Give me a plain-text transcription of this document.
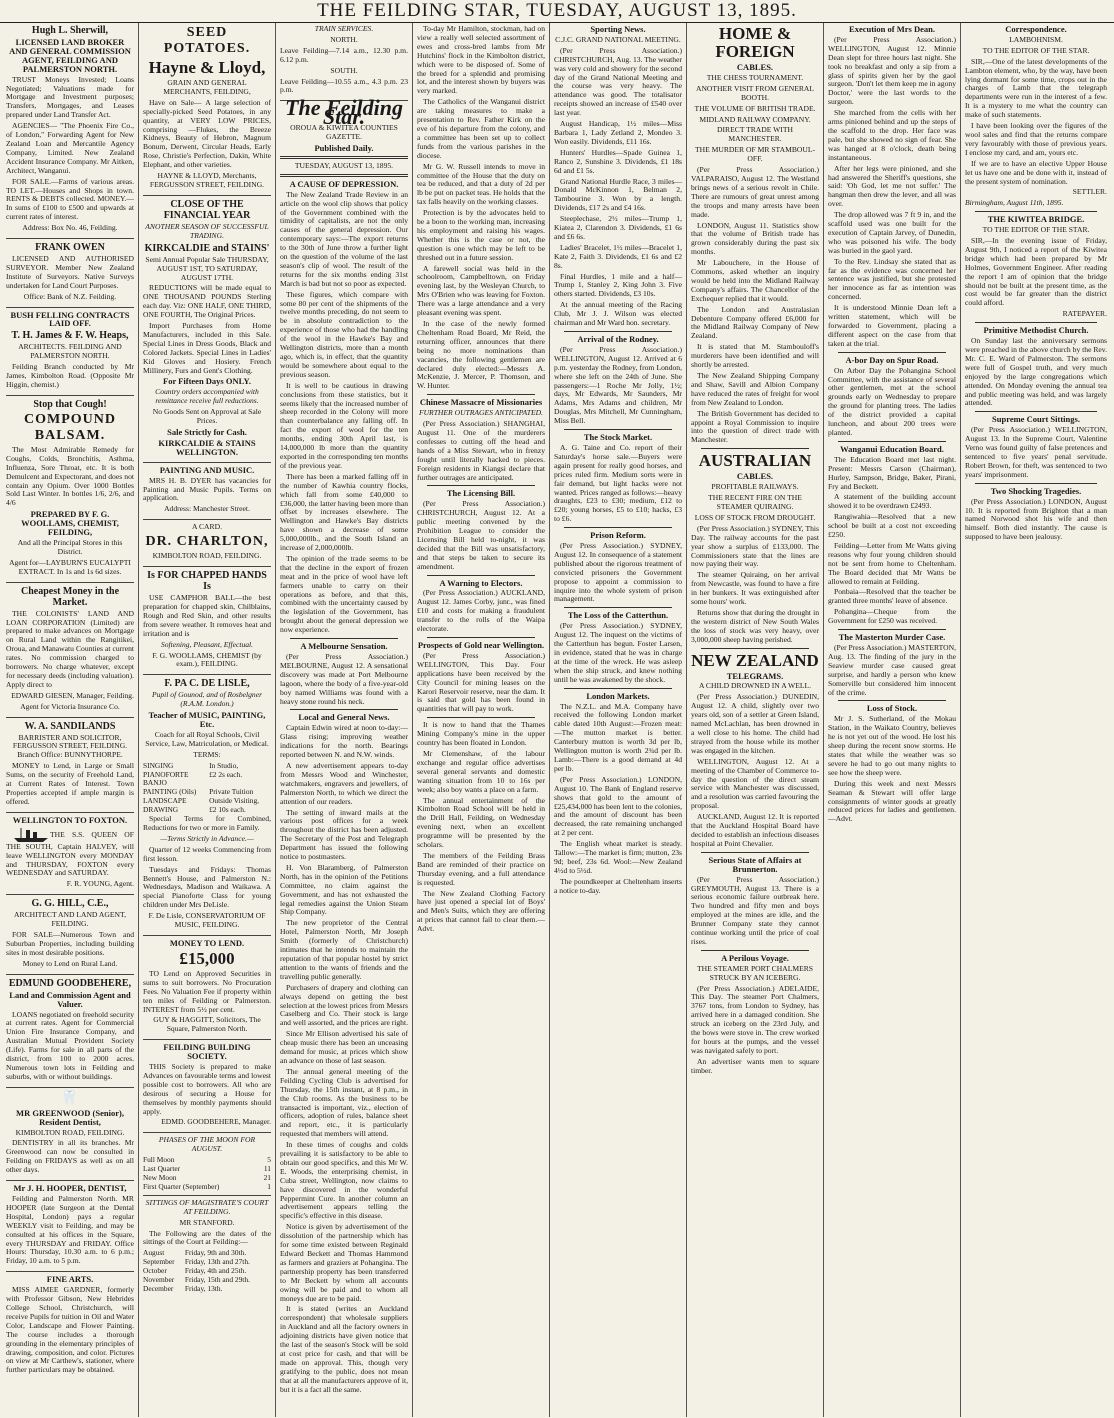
THE FEILDING STAR, TUESDAY, AUGUST 13, 1895.

Hugh L. Sherwill,

LICENSED LAND BROKER AND GENERAL COMMISSION AGENT, FEILDING AND PALMERSTON NORTH.

TRUST Moneys Invested; Loans Negotiated; Valuations made for Mortgage and Investment purposes; Transfers, Mortgages, and Leases prepared under Land Transfer Act.

AGENCIES— "The Phoenix Fire Co., of London," Forwarding Agent for New Zealand Loan and Mercantile Agency Company, Limited. New Zealand Accident Insurance Company. Mr Aitken, Architect, Wanganui.

FOR SALE.—Farms of various areas. TO LET.—Houses and Shops in town. RENTS & DEBTS collected. MONEY.—In sums of £100 to £500 and upwards at current rates of interest.

Address: Box No. 46, Feilding.

FRANK OWEN

LICENSED AND AUTHORISED SURVEYOR. Member New Zealand Institute of Surveyors. Native Surveys undertaken for Land Court Purposes.

Office: Bank of N.Z. Feilding.

BUSH FELLING CONTRACTS LAID OFF.

T. H. James & F. W. Heaps,

ARCHITECTS. FEILDING AND PALMERSTON NORTH.

Feilding Branch conducted by Mr James, Kimbolton Road. (Opposite Mr Higgin, chemist.)

Stop that Cough!

COMPOUND BALSAM.

The Most Admirable Remedy for Coughs, Colds, Bronchitis, Asthma, Influenza, Sore Throat, etc. It is both Demulcent and Expectorant, and does not contain any Opium. Over 1000 Bottles Sold Last Winter. In bottles 1/6, 2/6, and 4/6

PREPARED BY F. G. WOOLLAMS, CHEMIST, FEILDING,

And all the Principal Stores in this District.

Agent for—LAYBURN'S EUCALYPTI EXTRACT. In 1s and 1s 6d sizes.

Cheapest Money in the Market.

THE COLONISTS' LAND AND LOAN CORPORATION (Limited) are prepared to make advances on Mortgage on Rural Land within the Rangitikei, Oroua, and Manawatu Counties at current rates. No commission charged to borrowers. No charge whatever, except for necessary deeds (including valuation). Apply direct to

EDWARD GIESEN, Manager, Feilding.

Agent for Victoria Insurance Co.

W. A. SANDILANDS

BARRISTER AND SOLICITOR, FERGUSSON STREET, FEILDING. Branch Office: BUNNYTHORPE.

MONEY to Lend, in Large or Small Sums, on the security of Freehold Land, at Current Rates of Interest. Town Properties accepted if ample margin is offered.

WELLINGTON TO FOXTON.

THE S.S. QUEEN OF THE SOUTH, Captain HALVEY, will leave WELLINGTON every MONDAY and THURSDAY, FOXTON every WEDNESDAY and SATURDAY.

F. R. YOUNG, Agent.

G. G. HILL, C.E.,

ARCHITECT AND LAND AGENT, FEILDING.

FOR SALE—Numerous Town and Suburban Properties, including building sites in most desirable positions.

Money to Lend on Rural Land.

EDMUND GOODBEHERE,

Land and Commission Agent and Valuer.

LOANS negotiated on freehold security at current rates. Agent for Commercial Union Fire Insurance Company, and Australian Mutual Provident Society (Life). Farms for sale in all parts of the district, from 100 to 2000 acres. Numerous town lots in Feilding and suburbs, with or without buildings.

🦷

MR GREENWOOD (Senior), Resident Dentist,

KIMBOLTON ROAD, FEILDING.

DENTISTRY in all its branches. Mr Greenwood can now be consulted in Feilding on FRIDAYS as well as on all other days.

Mr J. H. HOOPER, DENTIST,

Feilding and Palmerston North. MR HOOPER (late Surgeon at the Dental Hospital, London) pays a regular WEEKLY visit to Feilding, and may be consulted at his offices in the Square, every THURSDAY and FRIDAY. Office Hours: Thursday, 10.30 a.m. to 6 p.m.; Friday, 10 a.m. to 5 p.m.

FINE ARTS.

MISS AIMEE GARDNER, formerly with Professor Gibson, New Hebrides College School, Christchurch, will receive Pupils for tuition in Oil and Water Color, Landscape and Flower Painting. The course includes a thorough grounding in the elementary principles of drawing, composition, and color. Pictures on view at Mr Carthew's, stationer, where further particulars may be obtained.

SEED POTATOES.

Hayne & Lloyd,

GRAIN AND GENERAL MERCHANTS, FEILDING,

Have on Sale— A large selection of specially-picked Seed Potatoes, in any quantity, at VERY LOW PRICES, comprising —Flukes, the Breeze Kidneys, Beauty of Hebron, Magnum Bonum, Derwent, Circular Heads, Early Rose, Christie's Perfection, Dakin, White Elephant, and other varieties.

HAYNE & LLOYD, Merchants, FERGUSSON STREET, FEILDING.

CLOSE OF THE FINANCIAL YEAR

ANOTHER SEASON OF SUCCESSFUL TRADING.

KIRKCALDIE and STAINS'

Semi Annual Popular Sale THURSDAY, AUGUST 1ST, TO SATURDAY, AUGUST 17TH.

REDUCTIONS will be made equal to ONE THOUSAND POUNDS Sterling each day. Viz: ONE HALF, ONE THIRD, ONE FOURTH, The Original Prices.

Import Purchases from Home Manufacturers, included in this Sale. Special Lines in Dress Goods, Black and Colored Jackets. Special Lines in Ladies' Kid Gloves and Hosiery. French Millinery, Furs and Gent's Clothing.

For Fifteen Days ONLY.

Country orders accompanied with remittance receive full reductions.

No Goods Sent on Approval at Sale Prices.

Sale Strictly for Cash.

KIRKCALDIE & STAINS WELLINGTON.

PAINTING AND MUSIC.

MRS H. B. DYER has vacancies for Painting and Music Pupils. Terms on application.

Address: Manchester Street.

A CARD.

DR. CHARLTON,

KIMBOLTON ROAD, FEILDING.

Is FOR CHAPPED HANDS Is

USE CAMPHOR BALL—the best preparation for chapped skin, Chilblains, Rough and Red Skin, and other results from severe weather. It removes heat and irritation and is

Softening, Pleasant, Effectual.

F. G. WOOLLAMS, CHEMIST (by exam.), FEILDING.

F. PA C. DE LISLE,

Pupil of Gounod, and of Rosbelgner (R.A.M. London.)

Teacher of MUSIC, PAINTING, Etc.

Coach for all Royal Schools, Civil Service, Law, Matriculation, or Medical.

TERMS:

SINGING	In Studio,
PIANOFORTE	£2 2s each.
BANJO	
PAINTING (Oils)	Private Tuition
LANDSCAPE	Outside Visiting,
DRAWING	£2 10s each.

Special Terms for Combined, Reductions for two or more in Family.

—Terms Strictly in Advance.—

Quarter of 12 weeks Commencing from first lesson.

Tuesdays and Fridays: Thomas Bennett's House, and Palmerston N.: Wednesdays, Madison and Waikawa. A special Pianoforte Class for young children under Mrs DeLisle.

F. De Lisle, CONSERVATORIUM OF MUSIC, FEILDING.

MONEY TO LEND.

£15,000

TO Lend on Approved Securities in sums to suit borrowers. No Procuration Fees. No Valuation Fee if property within ten miles of Feilding or Palmerston. INTEREST from 5½ per cent.

GUY & HAGGITT, Solicitors, The Square, Palmerston North.

FEILDING BUILDING SOCIETY.

THIS Society is prepared to make Advances on favourable terms and lowest possible cost to borrowers. All who are desirous of securing a House for themselves by monthly payments should apply.

EDMD. GOODBEHERE, Manager.

PHASES OF THE MOON FOR AUGUST.

Full Moon	5
Last Quarter	11
New Moon	21
First Quarter (September)	1

SITTINGS OF MAGISTRATE'S COURT AT FEILDING.

MR STANFORD.

The Following are the dates of the sittings of the Court at Feilding:—

August	Friday, 9th and 30th.
September	Friday, 13th and 27th.
October	Friday, 4th and 25th.
November	Friday, 15th and 29th.
December	Friday, 13th.

TRAIN SERVICES.

NORTH.

Leave Feilding—7.14 a.m., 12.30 p.m. 6.12 p.m.

SOUTH.

Leave Feilding—10.55 a.m., 4.3 p.m. 23 p.m.

The Feilding Star.

OROUA & KIWITEA COUNTIES GAZETTE.

Published Daily.

TUESDAY, AUGUST 13, 1895.

A CAUSE OF DEPRESSION.

The New Zealand Trade Review in an article on the wool clip shows that policy of the Government combined with the timidity of capitalists, are not the only causes of the general depression. Our contemporary says:—The export returns to the 30th of June throw a further light on the question of the volume of the last season's clip of wool. The result of the returns for the six months ending 31st March is bad but not so poor as expected.

These figures, which compare with some 80 per cent of the shipments of the twelve months preceding, do not seem to be in absolute contradiction to the experience of those who had the handling of the wool in the Hawke's Bay and Wellington districts, more than a month ago, which is, in effect, that the quantity would be somewhere about equal to the previous season.

It is well to be cautious in drawing conclusions from these statistics, but it seems likely that the increased number of sheep recorded in the Colony will more than counterbalance any falling off. In fact the export of wool for the ten months, ending 30th April last, is 14,000,000 lb more than the quantity exported in the corresponding ten months of the previous year.

There has been a marked falling off in the number of Kawhia country flocks, which fall from some £40,000 to £36,000, the latter having been more than offset by increases elsewhere. The Wellington and Hawke's Bay districts have shown a decrease of some 5,000,000lb., and the South Island an increase of 2,000,000lb.

The opinion of the trade seems to be that the decline in the export of frozen meat and in the price of wool have left farmers unable to carry on their operations as before, and that this, combined with the uncertainty caused by the legislation of the Government, has brought about the general depression we now experience.

A Melbourne Sensation.

(Per Press Association.) MELBOURNE, August 12. A sensational discovery was made at Port Melbourne lagoon, where the body of a five-year-old boy named Williams was found with a heavy stone round his neck.

Local and General News.

Captain Edwin wired at noon to-day:—Glass rising; improving weather indications for the north. Bearings reported between N. and N.W. winds.

A new advertisement appears to-day from Messrs Wood and Winchester, watchmakers, engravers and jewellers, of Palmerston North, to which we direct the attention of our readers.

The setting of inward mails at the various post offices for a week throughout the district has been adjusted. The Secretary of the Post and Telegraph Department has issued the following notice to postmasters.

H. Von Blaramberg, of Palmerston North, has in the opinion of the Petitions Committee, no claim against the Government, and has not exhausted the legal remedies against the Union Steam Ship Company.

The new proprietor of the Central Hotel, Palmerston North, Mr Joseph Smith (formerly of Christchurch) intimates that he intends to maintain the reputation of that popular hostel by strict attention to the wants of friends and the travelling public generally.

Purchasers of drapery and clothing can always depend on getting the best selection at the lowest prices from Messrs Caselberg and Co. Their stock is large and well assorted, and the prices are right.

Since Mr Ellison advertised his sale of cheap music there has been an unceasing demand for music, at prices which show an advance on those of last season.

The annual general meeting of the Feilding Cycling Club is advertised for Thursday, the 15th instant, at 8 p.m., in the Club rooms. As the business to be transacted is important, viz., election of officers, adoption of rules, balance sheet and report, etc., it is particularly requested that members will attend.

In these times of coughs and colds prevailing it is satisfactory to be able to obtain our good specifics, and this Mr W. E. Woods, the enterprising chemist, in Cuba street, Wellington, now claims to have discovered in the wonderful Peppermint Cure. In another column an advertisement appears telling the specific's effective in this disease.

Notice is given by advertisement of the dissolution of the partnership which has for some time existed between Reginald Edward Beckett and Thomas Hammond as farmers and graziers at Pohangina. The partnership property has been transferred to Mr Beckett by whom all accounts owing will be paid and to whom all moneys due are to be paid.

It is stated (writes an Auckland correspondent) that wholesale suppliers in Auckland and all the factory owners in adjoining districts have given notice that the last of the season's Stock will be sold at cost price for cash, and that will be made on approval. This, though very gratifying to the public, does not mean that at all the manufacturers approve of it, but it is a fact all the same.

To-day Mr Hamilton, stockman, had on view a really well selected assortment of ewes and cross-bred lambs from Mr Hutchins' flock in the Kimbolton district, which were to be disposed of. Some of the breed for a splendid and promising lot, and the interest shown by buyers was very marked.

The Catholics of the Wanganui district are taking measures to make a presentation to Rev. Father Kirk on the eve of his departure from the colony, and a committee has been set up to collect funds from the various parishes in the diocese.

Mr G. W. Russell intends to move in committee of the House that the duty on tea be reduced, and that a duty of 2d per lb be put on packet teas. He holds that the tax falls heavily on the working classes.

Protection is by the advocates held to be a boon to the working man, increasing his employment and raising his wages. Whether this is the case or not, the question is one which may be left to be threshed out in a future session.

A farewell social was held in the schoolroom, Campbelltown, on Friday evening last, by the Wesleyan Church, to Mrs O'Brien who was leaving for Foxton. There was a large attendance and a very pleasant evening was spent.

In the case of the newly formed Cheltenham Road Board, Mr Reid, the returning officer, announces that there being no more nominations than vacancies, the following gentlemen are declared duly elected:—Messrs A. McKenzie, J. Mercer, P. Thomson, and W. Hunter.

Chinese Massacre of Missionaries

FURTHER OUTRAGES ANTICIPATED.

(Per Press Association.) SHANGHAI, August 11. One of the murderers confesses to cutting off the head and hands of a Miss Stewart, who in frenzy fought until literally hacked to pieces. Foreign residents in Kiangsi declare that further outrages are anticipated.

The Licensing Bill.

(Per Press Association.) CHRISTCHURCH, August 12. At a public meeting convened by the Prohibition League to consider the Licensing Bill held to-night, it was decided that the Bill was unsatisfactory, and that steps be taken to secure its amendment.

A Warning to Electors.

(Per Press Association.) AUCKLAND, August 12. James Corby, junr., was fined £10 and costs for making a fraudulent transfer to the rolls of the Waipa electorate.

Prospects of Gold near Wellington.

(Per Press Association.) WELLINGTON, This Day. Four applications have been received by the City Council for mining leases on the Karori Reservoir reserve, near the dam. It is said that gold has been found in quantities that will pay to work.

It is now to hand that the Thames Mining Company's mine in the upper country has been floated in London.

Mr Clemenshaw, of the labour exchange and regular office advertises several general servants and domestic wanting situation from 10 to 16s per week; also boy wants a place on a farm.

The annual entertainment of the Kimbolton Road School will be held in the Drill Hall, Feilding, on Wednesday evening next, when an excellent programme will be presented by the scholars.

The members of the Feilding Brass Band are reminded of their practice on Thursday evening, and a full attendance is requested.

The New Zealand Clothing Factory have just opened a special lot of Boys' and Men's Suits, which they are offering at prices that cannot fail to clear them.—Advt.

Sporting News.

C.J.C. GRAND NATIONAL MEETING.

(Per Press Association.) CHRISTCHURCH, Aug. 13. The weather was very cold and showery for the second day of the Grand National Meeting and the course was very heavy. The attendance was good. The totalisator receipts showed an increase of £540 over last year.

August Handicap, 1½ miles—Miss Barbara 1, Lady Zetland 2, Mondeo 3. Won easily. Dividends, £11 16s.

Hunters' Hurdles—Spade Guinea 1, Ranco 2, Sunshine 3. Dividends, £1 18s 6d and £1 5s.

Grand National Hurdle Race, 3 miles—Donald McKinnon 1, Belman 2, Tambourine 3. Won by a length. Dividends, £17 2s and £4 16s.

Steeplechase, 2½ miles—Trump 1, Kiatea 2, Clarendon 3. Dividends, £1 6s and £6 6s.

Ladies' Bracelet, 1½ miles—Bracelet 1, Kate 2, Faith 3. Dividends, £1 6s and £2 8s.

Final Hurdles, 1 mile and a half—Trump 1, Stanley 2, King John 3. Five others started. Dividends, £3 10s.

At the annual meeting of the Racing Club, Mr J. J. Wilson was elected chairman and Mr Ward hon. secretary.

Arrival of the Rodney.

(Per Press Association.) WELLINGTON, August 12. Arrived at 6 p.m. yesterday the Rodney, from London, where she left on the 24th of June. She passengers:—1 Roche Mr Jolly, 1½; days, Mr Edwards, Mr Saunders, Mr Adams, Mrs Adams and children, Mr Douglas, Mrs Mitchell, Mr Cunningham, Miss Bell.

The Stock Market.

A. G. Taine and Co. report of their Saturday's horse sale.—Buyers were again present for really good horses, and prices ruled firm. Medium sorts were in fair demand, but light hacks were not wanted. Prices ranged as follows:—heavy draughts, £23 to £30; medium, £12 to £20; young horses, £5 to £10; hacks, £3 to £6.

Prison Reform.

(Per Press Association.) SYDNEY, August 12. In consequence of a statement published about the rigorous treatment of convicted prisoners the Government propose to appoint a commission to inquire into the whole system of prison management.

The Loss of the Catterthun.

(Per Press Association.) SYDNEY, August 12. The inquest on the victims of the Catterthun has begun. Foster Larsen, in evidence, stated that he was in charge at the time of the wreck. He was asleep when the ship struck, and knew nothing until he was awakened by the shock.

London Markets.

The N.Z.L. and M.A. Company have received the following London market cable dated 10th August:—Frozen meat:—The mutton market is better. Canterbury mutton is worth 3d per lb, Wellington mutton is worth 2¾d per lb. Lamb:—There is a good demand at 4d per lb.

(Per Press Association.) LONDON, August 10. The Bank of England reserve shows that gold to the amount of £25,434,000 has been lent to the colonies, and the amount of discount has been decreased, the rate remaining unchanged at 2 per cent.

The English wheat market is steady. Tallow:—The market is firm; mutton, 23s 9d; beef, 23s 6d. Wool:—New Zealand 4½d to 5½d.

The poundkeeper at Cheltenham inserts a notice to-day.

HOME & FOREIGN

CABLES.

THE CHESS TOURNAMENT.

ANOTHER VISIT FROM GENERAL BOOTH.

THE VOLUME OF BRITISH TRADE.

MIDLAND RAILWAY COMPANY.

DIRECT TRADE WITH MANCHESTER.

THE MURDER OF MR STAMBOUL-OFF.

(Per Press Association.) VALPARAISO, August 12. The Westland brings news of a serious revolt in Chile. There are rumours of great unrest among the troops and many arrests have been made.

LONDON, August 11. Statistics show that the volume of British trade has grown considerably during the past six months.

Mr Labouchere, in the House of Commons, asked whether an inquiry would be held into the Midland Railway Company's affairs. The Chancellor of the Exchequer replied that it would.

The London and Australasian Debenture Company offered £6,000 for the Midland Railway Company of New Zealand.

It is stated that M. Stambouloff's murderers have been identified and will shortly be arrested.

The New Zealand Shipping Company and Shaw, Savill and Albion Company have reduced the rates of freight for wool from New Zealand to London.

The British Government has decided to appoint a Royal Commission to inquire into the question of direct trade with Manchester.

AUSTRALIAN

CABLES.

PROFITABLE RAILWAYS.

THE RECENT FIRE ON THE STEAMER QUIRAING.

LOSS OF STOCK FROM DROUGHT.

(Per Press Association.) SYDNEY, This Day. The railway accounts for the past year show a surplus of £133,000. The Commissioners state that the lines are now paying their way.

The steamer Quiraing, on her arrival from Newcastle, was found to have a fire in her bunkers. It was extinguished after some hours' work.

Returns show that during the drought in the western district of New South Wales the loss of stock was very heavy, over 3,000,000 sheep having perished.

NEW ZEALAND

TELEGRAMS.

A CHILD DROWNED IN A WELL.

(Per Press Association.) DUNEDIN, August 12. A child, slightly over two years old, son of a settler at Green Island, named McLachlan, has been drowned in a well close to his home. The child had strayed from the house while its mother was engaged in the kitchen.

WELLINGTON, August 12. At a meeting of the Chamber of Commerce to-day the question of the direct steam service with Manchester was discussed, and a resolution was carried favouring the proposal.

AUCKLAND, August 12. It is reported that the Auckland Hospital Board have decided to establish an infectious diseases hospital at Point Chevalier.

Serious State of Affairs at Brunnerton.

(Per Press Association.) GREYMOUTH, August 13. There is a serious economic failure outbreak here. Two hundred and fifty men and boys employed at the mines are idle, and the Brunner Company state they cannot continue working until the price of coal rises.

A Perilous Voyage.

THE STEAMER PORT CHALMERS STRUCK BY AN ICEBERG.

(Per Press Association.) ADELAIDE, This Day. The steamer Port Chalmers, 3767 tons, from London to Sydney, has arrived here in a damaged condition. She struck an iceberg on the 23rd July, and the bows were stove in. The crew worked for hours at the pumps, and the vessel was navigated safely to port.

An advertiser wants men to square timber.

Execution of Mrs Dean.

(Per Press Association.) WELLINGTON, August 12. Minnie Dean slept for three hours last night. She took no breakfast and only a sip from a glass of spirits given her by the gaol surgeon. 'Don't let them keep me in agony Doctor,' were the last words to the surgeon.

She marched from the cells with her arms pinioned behind and up the steps of the scaffold to the drop. Her face was pale, but she showed no sign of fear. She was hanged at 8 o'clock, death being instantaneous.

After her legs were pinioned, and she had answered the Sheriff's questions, she said: 'Oh God, let me not suffer.' The hangman then drew the lever, and all was over.

The drop allowed was 7 ft 9 in, and the scaffold used was one built for the execution of Captain Jarvey, of Dunedin, who was poisoned his wife. The body was buried in the gaol yard.

To the Rev. Lindsay she stated that as far as the evidence was concerned her sentence was justified, but she protested her innocence as far as intention was concerned.

It is understood Minnie Dean left a written statement, which will be forwarded to Government, placing a different aspect on the case from that taken at the trial.

A-bor Day on Spur Road.

On Arbor Day the Pohangina School Committee, with the assistance of several other gentlemen, met at the school grounds early on Wednesday to prepare the ground for planting trees. The ladies of the district provided a capital luncheon, and about 200 trees were planted.

Wanganui Education Board.

The Education Board met last night. Present: Messrs Carson (Chairman), Hurley, Sampson, Bridge, Baker, Pirani, Fry and Beckett.

A statement of the building account showed it to be overdrawn £2493.

Rangiwahia—Resolved that a new school be built at a cost not exceeding £250.

Feilding—Letter from Mr Watts giving reasons why four young children should not be sent from home to Cheltenham. The Board decided that Mr Watts be allowed to remain at Feilding.

Ponbaia—Resolved that the teacher be granted three months' leave of absence.

Pohangina—Cheque from the Government for £250 was received.

The Masterton Murder Case.

(Per Press Association.) MASTERTON, Aug. 13. The finding of the jury in the Seaview murder case caused great surprise, and hardly a person who knew Somerville but considered him innocent of the crime.

Loss of Stock.

Mr J. S. Sutherland, of the Mokau Station, in the Waikato Country, believes he is not yet out of the wood. He lost his sheep during the recent snow storms. He states that while the weather was so severe he had to go out many nights to see how the sheep were.

During this week and next Messrs Seaman & Stewart will offer large consignments of winter goods at greatly reduced prices for ladies and gentlemen.—Advt.

Correspondence.

LAMBOHNISM.

TO THE EDITOR OF THE STAR.

SIR,—One of the latest developments of the Lambton element, who, by the way, have been lying dormant for some time, crops out in the charges of Lamb that the telegraph departments were run in the interest of a few. It is a mystery to me what the country can make of such statements.

I have been looking over the figures of the wool sales and find that the returns compare very favourably with those of previous years. I enclose my card, and am, yours etc.

If we are to have an elective Upper House let us have one and be done with it, instead of the present system of nomination.

SETTLER.

Birmingham, August 11th, 1895.

THE KIWITEA BRIDGE.

TO THE EDITOR OF THE STAR.

SIR,—In the evening issue of Friday, August 9th, I noticed a report of the Kiwitea bridge which had been prepared by Mr Holmes, Government Engineer. After reading the report I am of opinion that the bridge should not be built at the present time, as the cost would be far greater than the district could afford.

RATEPAYER.

Primitive Methodist Church.

On Sunday last the anniversary sermons were preached in the above church by the Rev. Mr. C. E. Ward of Palmerston. The sermons were full of Gospel truth, and very much enjoyed by the large congregations which attended. On Monday evening the annual tea and public meeting was held, and was largely attended.

Supreme Court Sittings.

(Per Press Association.) WELLINGTON, August 13. In the Supreme Court, Valentine Verno was found guilty of false pretences and sentenced to five years' penal servitude. Robert Brown, for theft, was sentenced to two years' imprisonment.

Two Shocking Tragedies.

(Per Press Association.) LONDON, August 10. It is reported from Brighton that a man named Norwood shot his wife and then himself. Both died instantly. The cause is supposed to have been jealousy.
